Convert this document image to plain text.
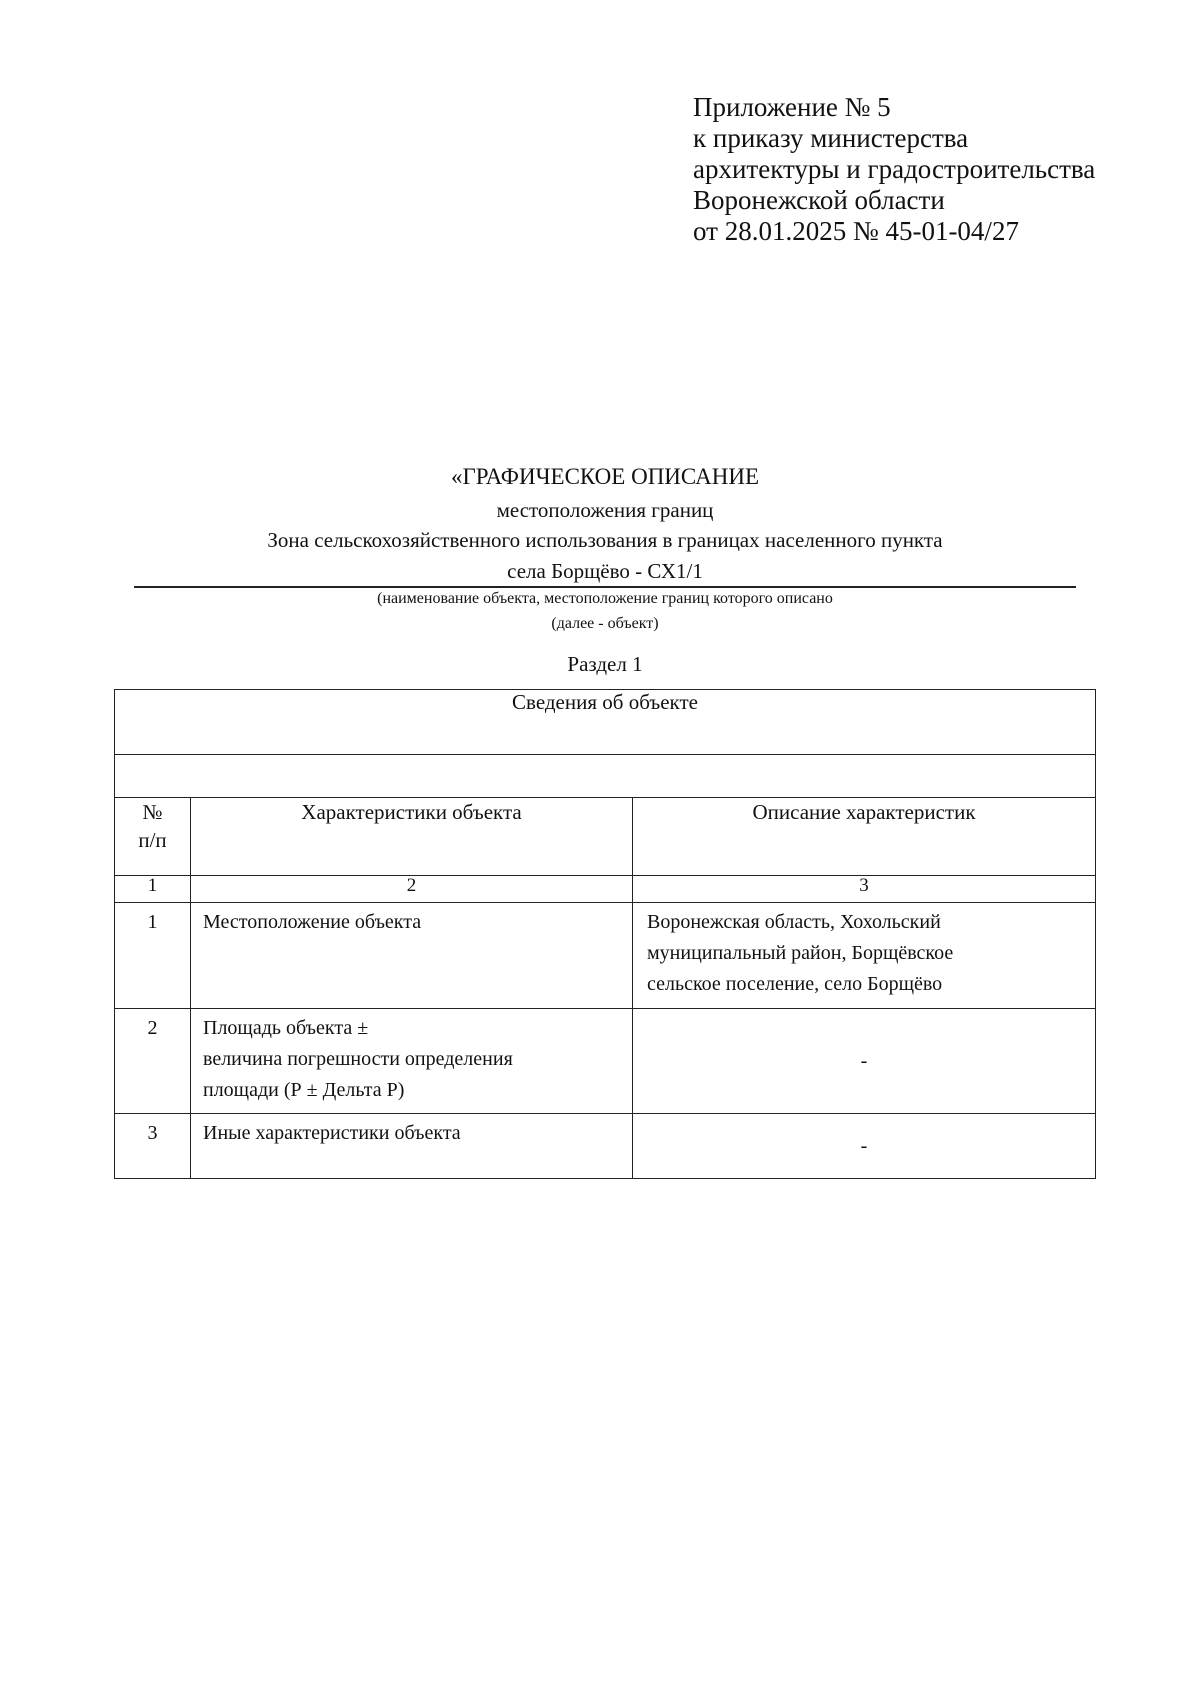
Приложение № 5
к приказу министерства
архитектуры и градостроительства
Воронежской области
от 28.01.2025 № 45-01-04/27
«ГРАФИЧЕСКОЕ ОПИСАНИЕ
местоположения границ
Зона сельскохозяйственного использования в границах населенного пункта
села Борщёво - СХ1/1
(наименование объекта, местоположение границ которого описано
(далее - объект)
Раздел 1
Сведения об объекте		

№
п/п	Характеристики объекта	Описание характеристик
1	2	3
1	Местоположение объекта	Воронежская область, Хохольский
муниципальный район, Борщёвское
сельское поселение, село Борщёво

2	Площадь объекта ±
величина погрешности определения
площади (Р ± Дельта Р)	-
3	Иные характеристики объекта	-
